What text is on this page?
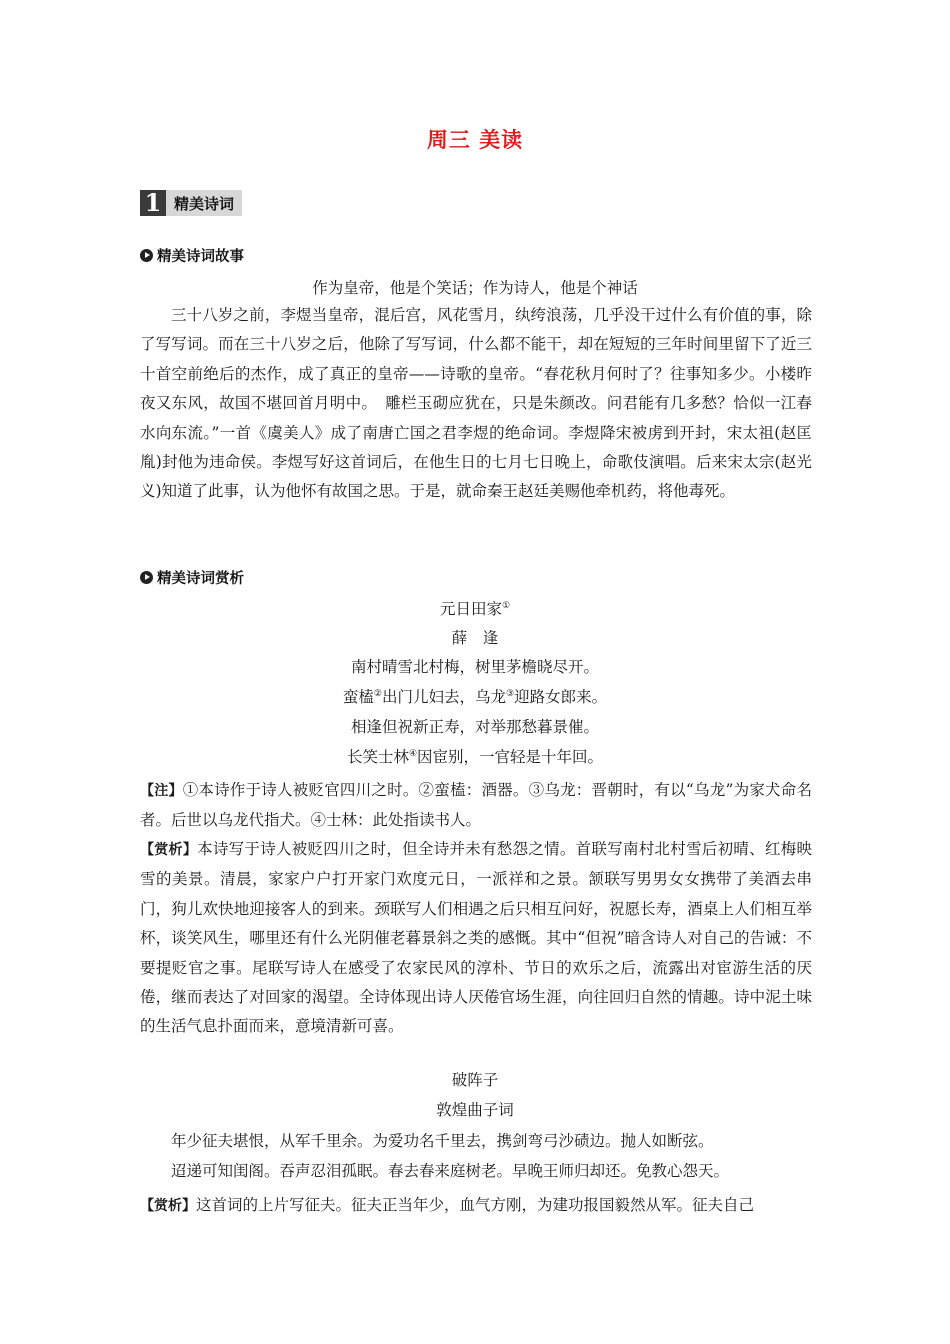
周三 美读
1 精美诗词
精美诗词故事
作为皇帝，他是个笑话；作为诗人，他是个神话
三十八岁之前，李煜当皇帝，混后宫，风花雪月，纨绔浪荡，几乎没干过什么有价值的事，除了写写词。而在三十八岁之后，他除了写写词，什么都不能干，却在短短的三年时间里留下了近三十首空前绝后的杰作，成了真正的皇帝——诗歌的皇帝。“春花秋月何时了？往事知多少。小楼昨夜又东风，故国不堪回首月明中。　雕栏玉砌应犹在，只是朱颜改。问君能有几多愁？恰似一江春水向东流。”一首《虞美人》成了南唐亡国之君李煜的绝命词。李煜降宋被虏到开封，宋太祖(赵匡胤)封他为违命侯。李煜写好这首词后，在他生日的七月七日晚上，命歌伎演唱。后来宋太宗(赵光义)知道了此事，认为他怀有故国之思。于是，就命秦王赵廷美赐他牵机药，将他毒死。
精美诗词赏析
元日田家①
薛　逢
南村晴雪北村梅，树里茅檐晓尽开。
蛮榼②出门儿妇去，乌龙③迎路女郎来。
相逢但祝新正寿，对举那愁暮景催。
长笑士林④因宦别，一官轻是十年回。
【注】①本诗作于诗人被贬官四川之时。②蛮榼：酒器。③乌龙：晋朝时，有以“乌龙”为家犬命名者。后世以乌龙代指犬。④士林：此处指读书人。
【赏析】本诗写于诗人被贬四川之时，但全诗并未有愁怨之情。首联写南村北村雪后初晴、红梅映雪的美景。清晨，家家户户打开家门欢度元日，一派祥和之景。颔联写男男女女携带了美酒去串门，狗儿欢快地迎接客人的到来。颈联写人们相遇之后只相互问好，祝愿长寿，酒桌上人们相互举杯，谈笑风生，哪里还有什么光阴催老暮景斜之类的感慨。其中“但祝”暗含诗人对自己的告诫：不要提贬官之事。尾联写诗人在感受了农家民风的淳朴、节日的欢乐之后，流露出对宦游生活的厌倦，继而表达了对回家的渴望。全诗体现出诗人厌倦官场生涯，向往回归自然的情趣。诗中泥土味的生活气息扑面而来，意境清新可喜。
破阵子
敦煌曲子词
年少征夫堪恨，从军千里余。为爱功名千里去，携剑弯弓沙碛边。抛人如断弦。
迢递可知闺阁。吞声忍泪孤眠。春去春来庭树老。早晚王师归却还。免教心怨天。
【赏析】这首词的上片写征夫。征夫正当年少，血气方刚，为建功报国毅然从军。征夫自己
